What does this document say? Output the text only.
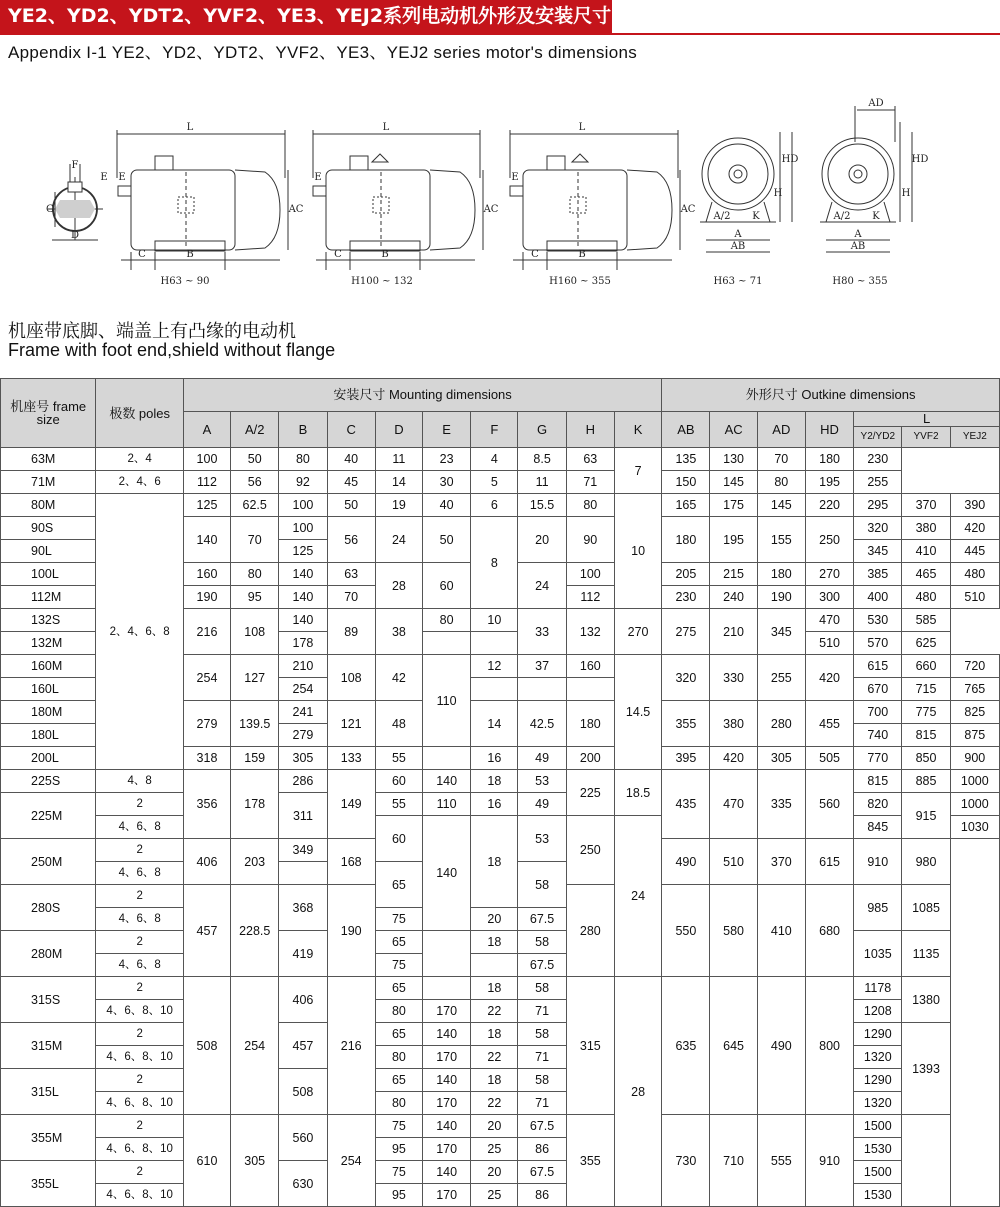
YE2、YD2、YDT2、YVF2、YE3、YEJ2系列电动机外形及安装尺寸
Appendix I-1 YE2、YD2、YDT2、YVF2、YE3、YEJ2 series motor's dimensions
F
G
D
E
L
E
AC
C	B
H63 ~ 90
L
E
AC
C	B
H100 ~ 132
L
E
AC
C	B
H160 ~ 355
HD
H
A/2 K
A
AB
H63 ~ 71
AD
HD
H
A/2 K
A
AB
H80 ~ 355
机座带底脚、端盖上有凸缘的电动机
Frame with foot end,shield without flange
机座号 frame size	极数 poles	安装尺寸 Mounting dimensions										外形尺寸 Outkine dimensions						
		A	A/2	B	C	D	E	F	G	H	K	AB	AC	AD	HD	L		
																Y2/YD2	YVF2	YEJ2
63M	2、4	100	50	80	40	11	23	4	8.5	63	7	135	130	70	180	230		
71M	2、4、6	112	56	92	45	14	30	5	11	71		150	145	80	195	255		
80M	2、4、6、8	125	62.5	100	50	19	40	6	15.5	80	10	165	175	145	220	295	370	390
90S		140	70	100	56	24	50	8	20	90		180	195	155	250	320	380	420
90L				125												345	410	445
100L		160	80	140	63	28	60		24	100		205	215	180	270	385	465	480
112M		190	95	140	70					112		230	240	190	300	400	480	510
132S		216	108	140	89	38	80	10	33	132	270	275	210	345	470	530	585	
132M				178											510	570	625	
160M		254	127	210	108	42	110	12	37	160	14.5	320	330	255	420	615	660	720
160L				254												670	715	765
180M		279	139.5	241	121	48		14	42.5	180		355	380	280	455	700	775	825
180L				279												740	815	875
200L		318	159	305	133	55		16	49	200		395	420	305	505	770	850	900
225S	4、8	356	178	286	149	60	140	18	53	225	18.5	435	470	335	560	815	885	1000
225M	2			311		55	110	16	49							820	915	1000
	4、6、8					60	140	18	53	250	24					845		1030
250M	2	406	203	349	168							490	510	370	615	910	980	
	4、6、8					65			58									
280S	2	457	228.5	368	190					280		550	580	410	680	985	1085	
	4、6、8					75		20	67.5									
280M	2			419		65		18	58							1035	1135	
	4、6、8					75			67.5									
315S	2	508	254	406	216	65		18	58	315	28	635	645	490	800	1178	1380	
	4、6、8、10					80	170	22	71							1208		
315M	2			457		65	140	18	58							1290	1393	
	4、6、8、10					80	170	22	71							1320		
315L	2			508		65	140	18	58							1290		
	4、6、8、10					80	170	22	71							1320		
355M	2	610	305	560	254	75	140	20	67.5	355		730	710	555	910	1500		
	4、6、8、10					95	170	25	86							1530		
355L	2			630		75	140	20	67.5							1500		
	4、6、8、10					95	170	25	86							1530		
